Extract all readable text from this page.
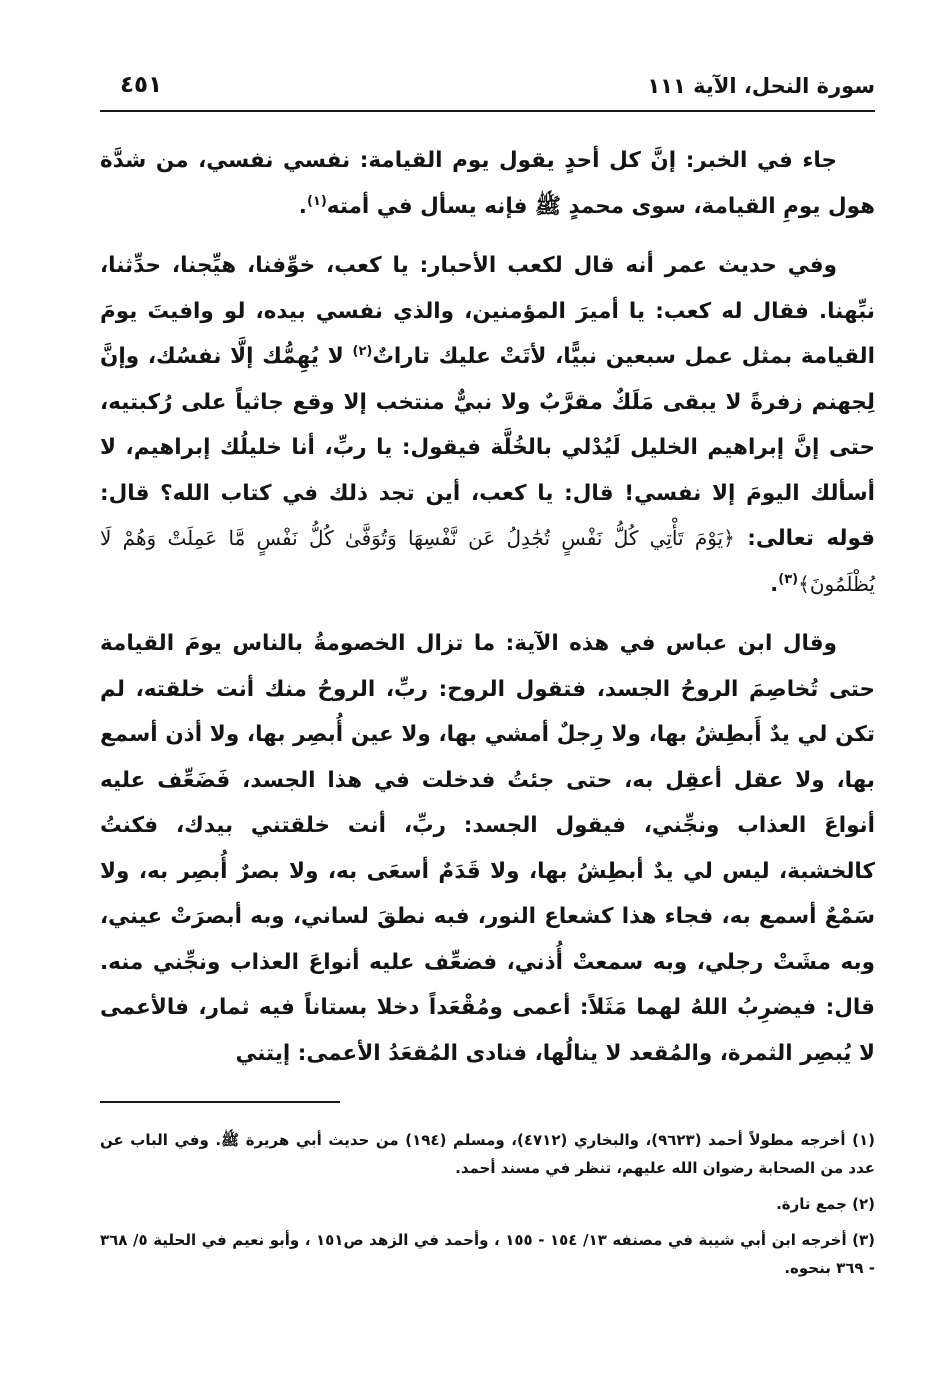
سورة النحل، الآية ١١١
٤٥١

جاء في الخبر: إنَّ كل أحدٍ يقول يوم القيامة: نفسي نفسي، من شدَّة هول يومِ القيامة، سوى محمدٍ ﷺ فإنه يسأل في أمته$^{(١)}$.

وفي حديث عمر أنه قال لكعب الأحبار: يا كعب، خوِّفنا، هيِّجنا، حدِّثنا، نبِّهنا. فقال له كعب: يا أميرَ المؤمنين، والذي نفسي بيده، لو وافيتَ يومَ القيامة بمثل عمل سبعين نبيًّا، لأتَتْ عليك تاراتٌ$^{(٢)}$ لا يُهِمُّك إلَّا نفسُك، وإنَّ لِجهنم زفرةً لا يبقى مَلَكٌ مقرَّبٌ ولا نبيٌّ منتخب إلا وقع جاثياً على رُكبتيه، حتى إنَّ إبراهيم الخليل لَيُدْلي بالخُلَّة فيقول: يا ربِّ، أنا خليلُك إبراهيم، لا أسألك اليومَ إلا نفسي! قال: يا كعب، أين تجد ذلك في كتاب الله؟ قال: قوله تعالى: ﴿يَوْمَ تَأْتِي كُلُّ نَفْسٍ تُجَٰدِلُ عَن نَّفْسِهَا وَتُوَفَّىٰ كُلُّ نَفْسٍ مَّا عَمِلَتْ وَهُمْ لَا يُظْلَمُونَ﴾$^{(٣)}$.

وقال ابن عباس في هذه الآية: ما تزال الخصومةُ بالناس يومَ القيامة حتى تُخاصِمَ الروحُ الجسد، فتقول الروح: ربِّ، الروحُ منك أنت خلقته، لم تكن لي يدٌ أَبطِشُ بها، ولا رِجلٌ أمشي بها، ولا عين أُبصِر بها، ولا أذن أسمع بها، ولا عقل أعقِل به، حتى جئتُ فدخلت في هذا الجسد، فَضَعِّف عليه أنواعَ العذاب ونجِّني، فيقول الجسد: ربِّ، أنت خلقتني بيدك، فكنتُ كالخشبة، ليس لي يدٌ أبطِشُ بها، ولا قَدَمٌ أسعَى به، ولا بصرٌ أُبصِر به، ولا سَمْعٌ أسمع به، فجاء هذا كشعاع النور، فبه نطقَ لساني، وبه أبصرَتْ عيني، وبه مشَتْ رجلي، وبه سمعتْ أُذني، فضعِّف عليه أنواعَ العذاب ونجِّني منه. قال: فيضرِبُ اللهُ لهما مَثَلاً: أعمى ومُقْعَداً دخلا بستاناً فيه ثمار، فالأعمى لا يُبصِر الثمرة، والمُقعد لا ينالُها، فنادى المُقعَدُ الأعمى: إيتني

(١) أخرجه مطولاً أحمد (٩٦٢٣)، والبخاري (٤٧١٢)، ومسلم (١٩٤) من حديث أبي هريرة ﷺ. وفي الباب عن عدد من الصحابة رضوان الله عليهم، تنظر في مسند أحمد.
(٢) جمع تارة.
(٣) أخرجه ابن أبي شيبة في مصنفه ١٣/ ١٥٤ - ١٥٥ ، وأحمد في الزهد ص١٥١ ، وأبو نعيم في الحلية ٥/ ٣٦٨ - ٣٦٩ بنحوه.
